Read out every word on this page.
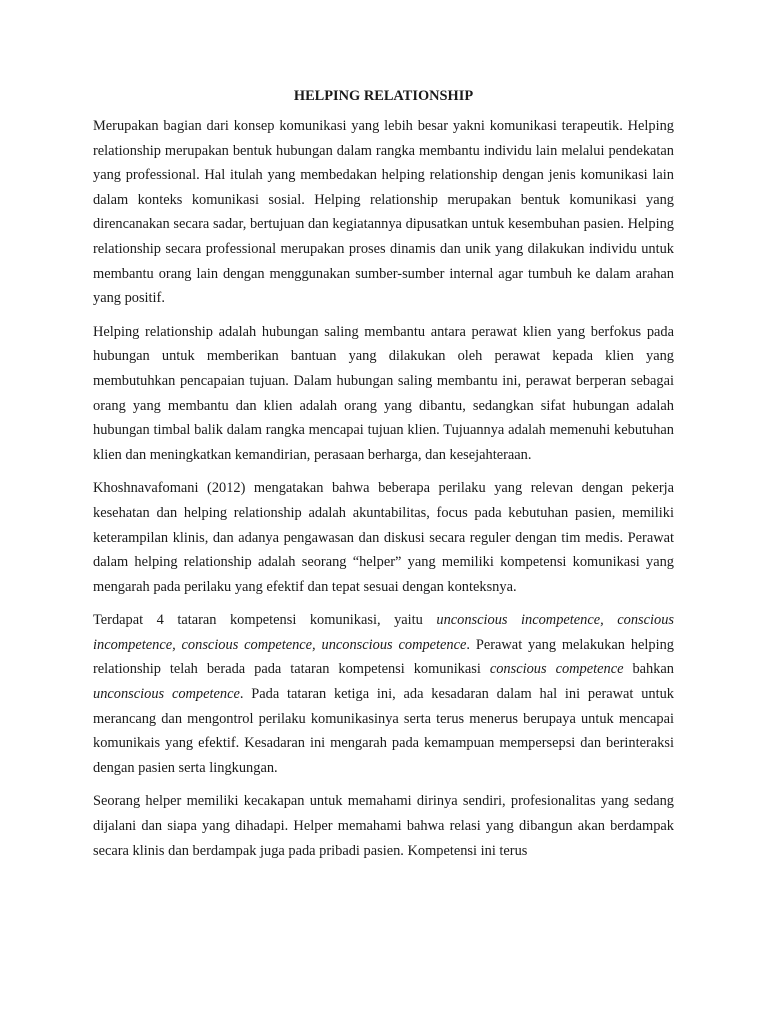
HELPING RELATIONSHIP

Merupakan bagian dari konsep komunikasi yang lebih besar yakni komunikasi terapeutik. Helping relationship merupakan bentuk hubungan dalam rangka membantu individu lain melalui pendekatan yang professional. Hal itulah yang membedakan helping relationship dengan jenis komunikasi lain dalam konteks komunikasi sosial. Helping relationship merupakan bentuk komunikasi yang direncanakan secara sadar, bertujuan dan kegiatannya dipusatkan untuk kesembuhan pasien. Helping relationship secara professional merupakan proses dinamis dan unik yang dilakukan individu untuk membantu orang lain dengan menggunakan sumber-sumber internal agar tumbuh ke dalam arahan yang positif.

Helping relationship adalah hubungan saling membantu antara perawat klien yang berfokus pada hubungan untuk memberikan bantuan yang dilakukan oleh perawat kepada klien yang membutuhkan pencapaian tujuan. Dalam hubungan saling membantu ini, perawat berperan sebagai orang yang membantu dan klien adalah orang yang dibantu, sedangkan sifat hubungan adalah hubungan timbal balik dalam rangka mencapai tujuan klien. Tujuannya adalah memenuhi kebutuhan klien dan meningkatkan kemandirian, perasaan berharga, dan kesejahteraan.

Khoshnavafomani (2012) mengatakan bahwa beberapa perilaku yang relevan dengan pekerja kesehatan dan helping relationship adalah akuntabilitas, focus pada kebutuhan pasien, memiliki keterampilan klinis, dan adanya pengawasan dan diskusi secara reguler dengan tim medis. Perawat dalam helping relationship adalah seorang “helper” yang memiliki kompetensi komunikasi yang mengarah pada perilaku yang efektif dan tepat sesuai dengan konteksnya.

Terdapat 4 tataran kompetensi komunikasi, yaitu unconscious incompetence, conscious incompetence, conscious competence, unconscious competence. Perawat yang melakukan helping relationship telah berada pada tataran kompetensi komunikasi conscious competence bahkan unconscious competence. Pada tataran ketiga ini, ada kesadaran dalam hal ini perawat untuk merancang dan mengontrol perilaku komunikasinya serta terus menerus berupaya untuk mencapai komunikais yang efektif. Kesadaran ini mengarah pada kemampuan mempersepsi dan berinteraksi dengan pasien serta lingkungan.

Seorang helper memiliki kecakapan untuk memahami dirinya sendiri, profesionalitas yang sedang dijalani dan siapa yang dihadapi. Helper memahami bahwa relasi yang dibangun akan berdampak secara klinis dan berdampak juga pada pribadi pasien. Kompetensi ini terus
